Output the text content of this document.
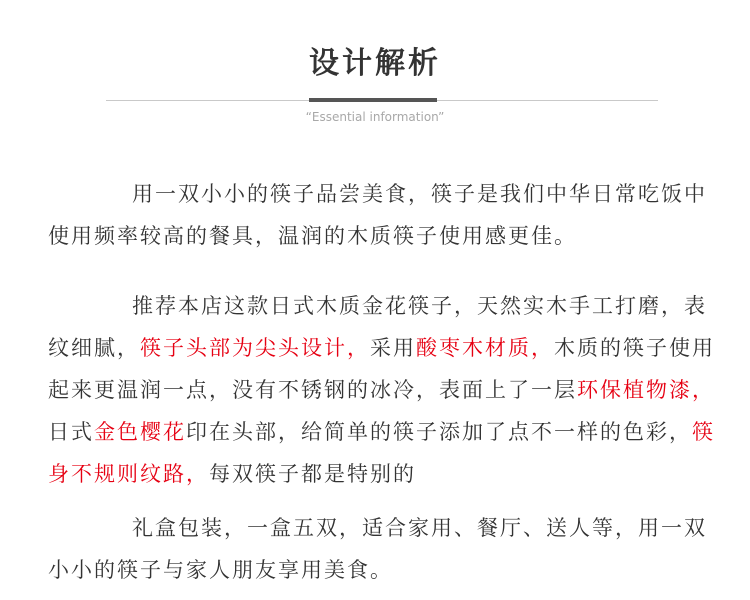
设计解析

“Essential information”

用一双小小的筷子品尝美食，筷子是我们中华日常吃饭中使用频率较高的餐具，温润的木质筷子使用感更佳。

推荐本店这款日式木质金花筷子，天然实木手工打磨，表纹细腻，筷子头部为尖头设计，采用酸枣木材质，木质的筷子使用起来更温润一点，没有不锈钢的冰冷，表面上了一层环保植物漆，日式金色樱花印在头部，给简单的筷子添加了点不一样的色彩，筷身不规则纹路，每双筷子都是特别的

礼盒包装，一盒五双，适合家用、餐厅、送人等，用一双小小的筷子与家人朋友享用美食。
